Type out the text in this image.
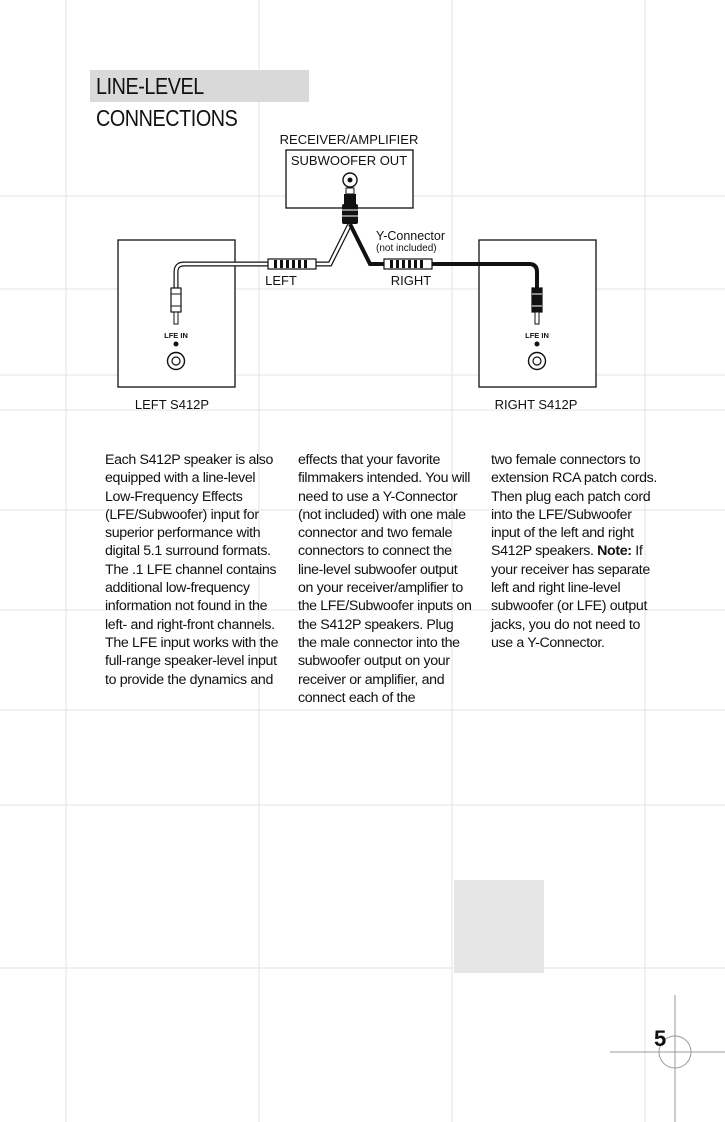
LINE-LEVEL CONNECTIONS
RECEIVER/AMPLIFIER
SUBWOOFER OUT
LFE IN
LEFT S412P
LFE IN
RIGHT S412P
LEFT	RIGHT
Y-Connector
(not included)

Each S412P speaker is also equipped with a line-level Low-Frequency Effects (LFE/Subwoofer) input for superior performance with digital 5.1 surround formats. The .1 LFE channel contains additional low-frequency information not found in the left- and right-front channels. The LFE input works with the full-range speaker-level input to provide the dynamics and

effects that your favorite filmmakers intended. You will need to use a Y-Connector (not included) with one male connector and two female connectors to connect the line-level subwoofer output on your receiver/amplifier to the LFE/Subwoofer inputs on the S412P speakers. Plug the male connector into the subwoofer output on your receiver or amplifier, and connect each of the

two female connectors to extension RCA patch cords. Then plug each patch cord into the LFE/Subwoofer input of the left and right S412P speakers. Note: If your receiver has separate left and right line-level subwoofer (or LFE) output jacks, you do not need to use a Y-Connector.

5
